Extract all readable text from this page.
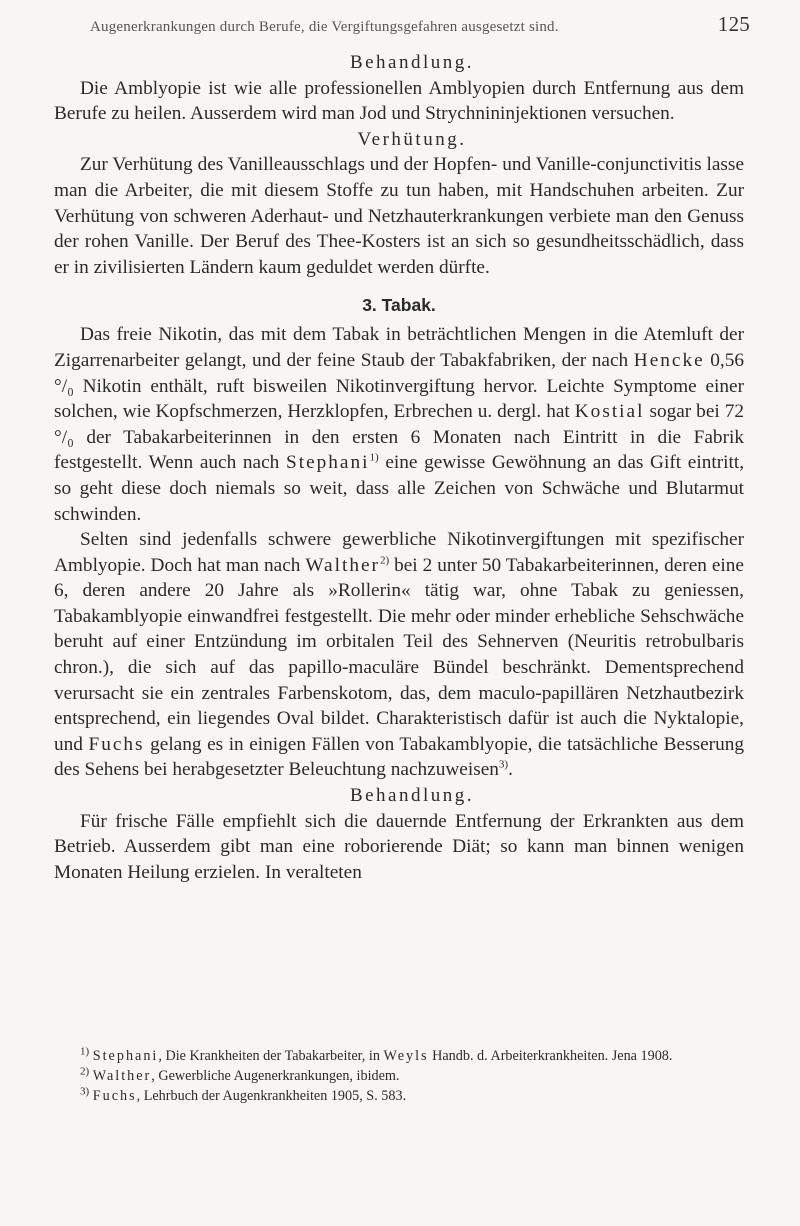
Augenerkrankungen durch Berufe, die Vergiftungsgefahren ausgesetzt sind.	125

Behandlung.

Die Amblyopie ist wie alle professionellen Amblyopien durch Entfernung aus dem Berufe zu heilen. Ausserdem wird man Jod und Strychnininjektionen versuchen.

Verhütung.

Zur Verhütung des Vanilleausschlags und der Hopfen- und Vanille-conjunctivitis lasse man die Arbeiter, die mit diesem Stoffe zu tun haben, mit Handschuhen arbeiten. Zur Verhütung von schweren Aderhaut- und Netzhauterkrankungen verbiete man den Genuss der rohen Vanille. Der Beruf des Thee-Kosters ist an sich so gesundheitsschädlich, dass er in zivilisierten Ländern kaum geduldet werden dürfte.

3. Tabak.

Das freie Nikotin, das mit dem Tabak in beträchtlichen Mengen in die Atemluft der Zigarrenarbeiter gelangt, und der feine Staub der Tabakfabriken, der nach Hencke 0,56 °/₀ Nikotin enthält, ruft bisweilen Nikotinvergiftung hervor. Leichte Symptome einer solchen, wie Kopfschmerzen, Herzklopfen, Erbrechen u. dergl. hat Kostial sogar bei 72 °/₀ der Tabakarbeiterinnen in den ersten 6 Monaten nach Eintritt in die Fabrik festgestellt. Wenn auch nach Stephani$^{1)}$ eine gewisse Gewöhnung an das Gift eintritt, so geht diese doch niemals so weit, dass alle Zeichen von Schwäche und Blutarmut schwinden.

Selten sind jedenfalls schwere gewerbliche Nikotinvergiftungen mit spezifischer Amblyopie. Doch hat man nach Walther$^{2)}$ bei 2 unter 50 Tabakarbeiterinnen, deren eine 6, deren andere 20 Jahre als »Rollerin« tätig war, ohne Tabak zu geniessen, Tabakamblyopie einwandfrei festgestellt. Die mehr oder minder erhebliche Sehschwäche beruht auf einer Entzündung im orbitalen Teil des Sehnerven (Neuritis retrobulbaris chron.), die sich auf das papillo-maculäre Bündel beschränkt. Dementsprechend verursacht sie ein zentrales Farbenskotom, das, dem maculo-papillären Netzhautbezirk entsprechend, ein liegendes Oval bildet. Charakteristisch dafür ist auch die Nyktalopie, und Fuchs gelang es in einigen Fällen von Tabakamblyopie, die tatsächliche Besserung des Sehens bei herabgesetzter Beleuchtung nachzuweisen$^{3)}$.

Behandlung.

Für frische Fälle empfiehlt sich die dauernde Entfernung der Erkrankten aus dem Betrieb. Ausserdem gibt man eine roborierende Diät; so kann man binnen wenigen Monaten Heilung erzielen. In veralteten

$^{1)}$ Stephani, Die Krankheiten der Tabakarbeiter, in Weyls Handb. d. Arbeiterkrankheiten. Jena 1908.

$^{2)}$ Walther, Gewerbliche Augenerkrankungen, ibidem.

$^{3)}$ Fuchs, Lehrbuch der Augenkrankheiten 1905, S. 583.
